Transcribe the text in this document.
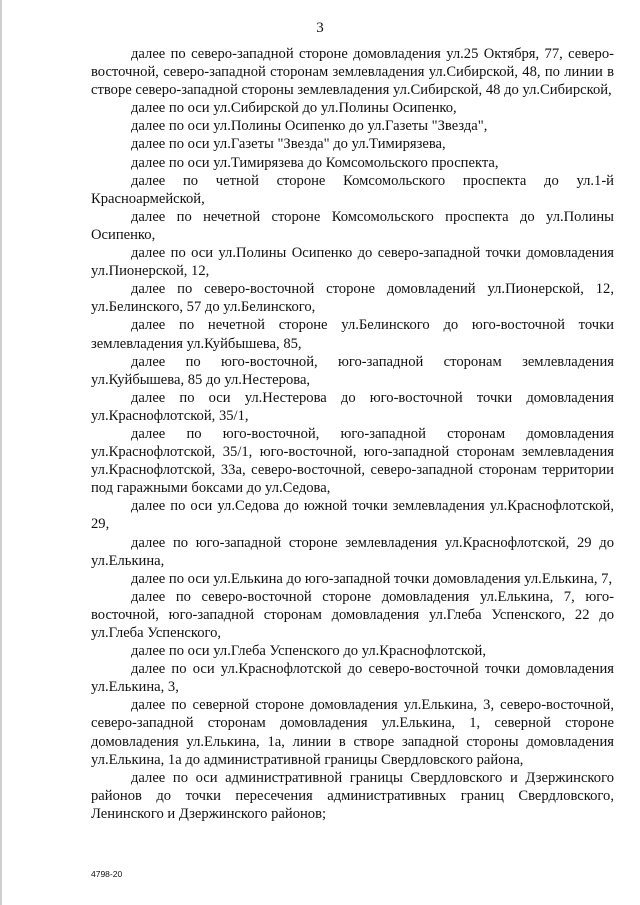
3

далее по северо-западной стороне домовладения ул.25 Октября, 77, северо-восточной, северо-западной сторонам землевладения ул.Сибирской, 48, по линии в створе северо-западной стороны землевладения ул.Сибирской, 48 до ул.Сибирской,

далее по оси ул.Сибирской до ул.Полины Осипенко,

далее по оси ул.Полины Осипенко до ул.Газеты "Звезда",

далее по оси ул.Газеты "Звезда" до ул.Тимирязева,

далее по оси ул.Тимирязева до Комсомольского проспекта,

далее по четной стороне Комсомольского проспекта до ул.1-й Красноармейской,

далее по нечетной стороне Комсомольского проспекта до ул.Полины Осипенко,

далее по оси ул.Полины Осипенко до северо-западной точки домовладения ул.Пионерской, 12,

далее по северо-восточной стороне домовладений ул.Пионерской, 12, ул.Белинского, 57 до ул.Белинского,

далее по нечетной стороне ул.Белинского до юго-восточной точки землевладения ул.Куйбышева, 85,

далее по юго-восточной, юго-западной сторонам землевладения ул.Куйбышева, 85 до ул.Нестерова,

далее по оси ул.Нестерова до юго-восточной точки домовладения ул.Краснофлотской, 35/1,

далее по юго-восточной, юго-западной сторонам домовладения ул.Краснофлотской, 35/1, юго-восточной, юго-западной сторонам землевладения ул.Краснофлотской, 33а, северо-восточной, северо-западной сторонам территории под гаражными боксами до ул.Седова,

далее по оси ул.Седова до южной точки землевладения ул.Краснофлотской, 29,

далее по юго-западной стороне землевладения ул.Краснофлотской, 29 до ул.Елькина,

далее по оси ул.Елькина до юго-западной точки домовладения ул.Елькина, 7,

далее по северо-восточной стороне домовладения ул.Елькина, 7, юго-восточной, юго-западной сторонам домовладения ул.Глеба Успенского, 22 до ул.Глеба Успенского,

далее по оси ул.Глеба Успенского до ул.Краснофлотской,

далее по оси ул.Краснофлотской до северо-восточной точки домовладения ул.Елькина, 3,

далее по северной стороне домовладения ул.Елькина, 3, северо-восточной, северо-западной сторонам домовладения ул.Елькина, 1, северной стороне домовладения ул.Елькина, 1а, линии в створе западной стороны домовладения ул.Елькина, 1а до административной границы Свердловского района,

далее по оси административной границы Свердловского и Дзержинского районов до точки пересечения административных границ Свердловского, Ленинского и Дзержинского районов;

4798-20
